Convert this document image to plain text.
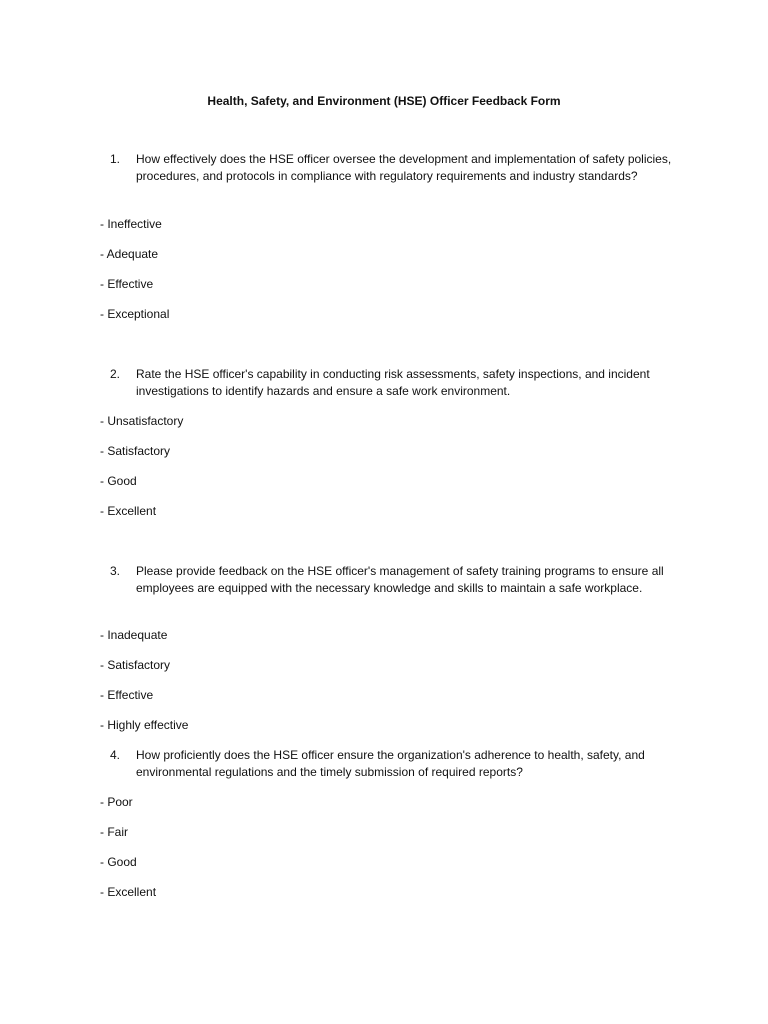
Health, Safety, and Environment (HSE) Officer Feedback Form
1. How effectively does the HSE officer oversee the development and implementation of safety policies, procedures, and protocols in compliance with regulatory requirements and industry standards?
- Ineffective
- Adequate
- Effective
- Exceptional
2. Rate the HSE officer's capability in conducting risk assessments, safety inspections, and incident investigations to identify hazards and ensure a safe work environment.
- Unsatisfactory
- Satisfactory
- Good
- Excellent
3. Please provide feedback on the HSE officer's management of safety training programs to ensure all employees are equipped with the necessary knowledge and skills to maintain a safe workplace.
- Inadequate
- Satisfactory
- Effective
- Highly effective
4. How proficiently does the HSE officer ensure the organization's adherence to health, safety, and environmental regulations and the timely submission of required reports?
- Poor
- Fair
- Good
- Excellent
